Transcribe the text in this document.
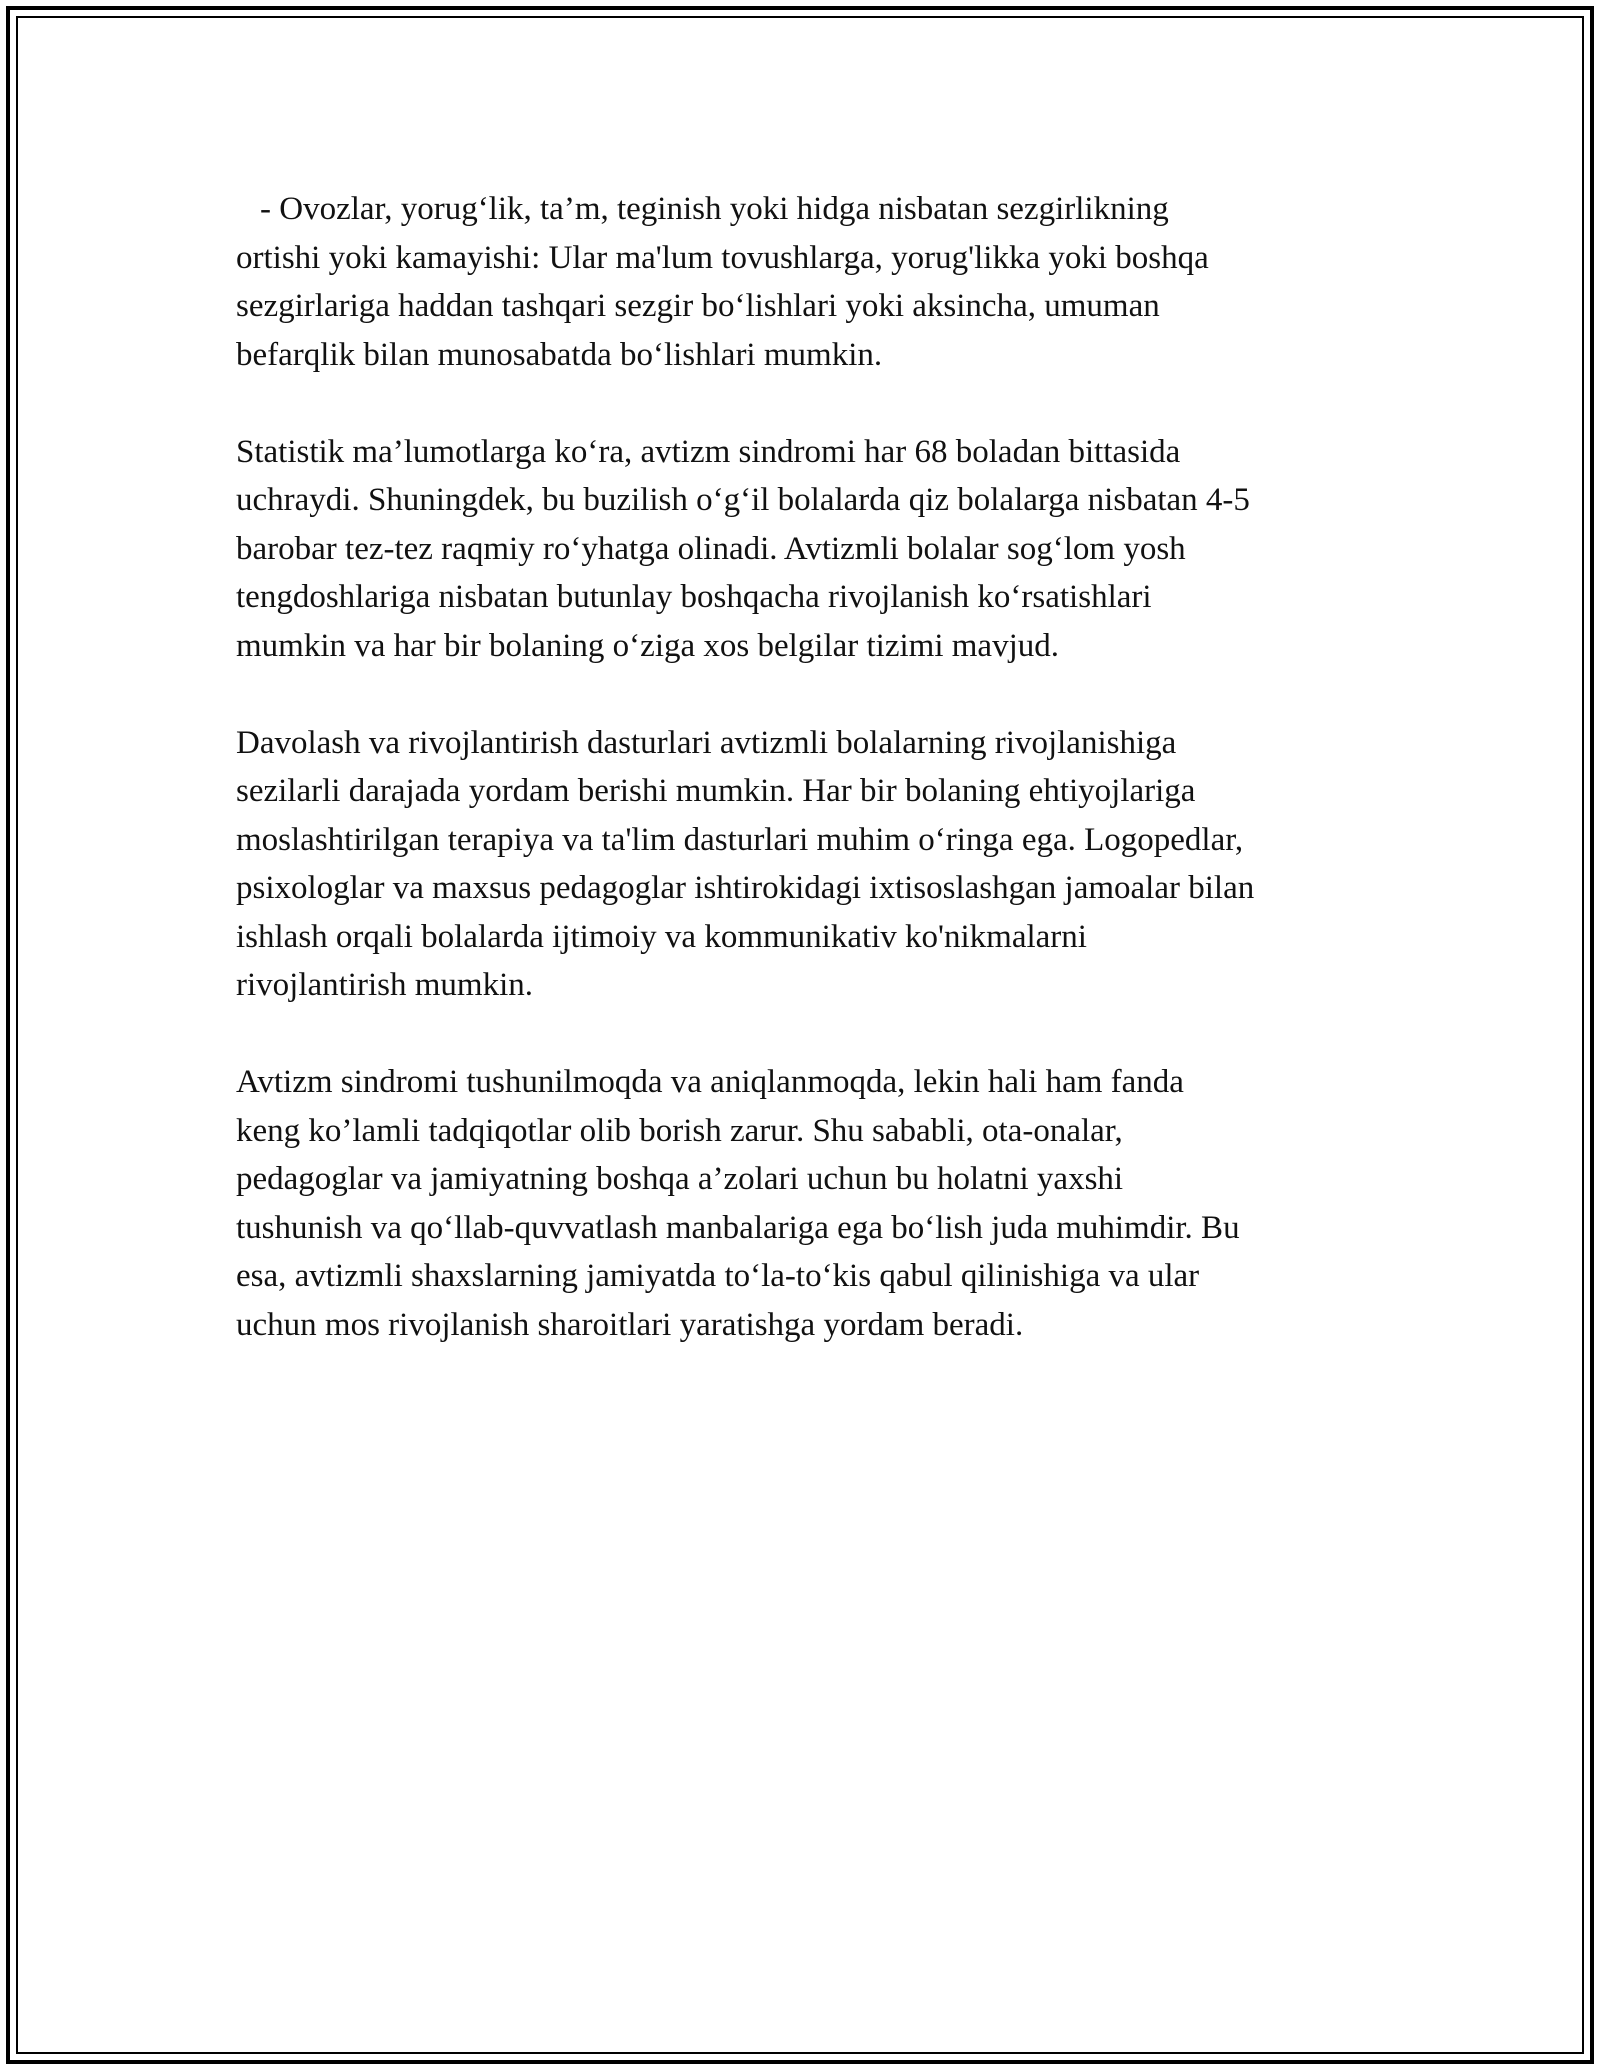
- Ovozlar, yorug‘lik, ta’m, teginish yoki hidga nisbatan sezgirlikning
ortishi yoki kamayishi: Ular ma'lum tovushlarga, yorug'likka yoki boshqa
sezgirlariga haddan tashqari sezgir bo‘lishlari yoki aksincha, umuman
befarqlik bilan munosabatda bo‘lishlari mumkin.

Statistik ma’lumotlarga ko‘ra, avtizm sindromi har 68 boladan bittasida
uchraydi. Shuningdek, bu buzilish o‘g‘il bolalarda qiz bolalarga nisbatan 4-5
barobar tez-tez raqmiy ro‘yhatga olinadi. Avtizmli bolalar sog‘lom yosh
tengdoshlariga nisbatan butunlay boshqacha rivojlanish ko‘rsatishlari
mumkin va har bir bolaning o‘ziga xos belgilar tizimi mavjud.

Davolash va rivojlantirish dasturlari avtizmli bolalarning rivojlanishiga
sezilarli darajada yordam berishi mumkin. Har bir bolaning ehtiyojlariga
moslashtirilgan terapiya va ta'lim dasturlari muhim o‘ringa ega. Logopedlar,
psixologlar va maxsus pedagoglar ishtirokidagi ixtisoslashgan jamoalar bilan
ishlash orqali bolalarda ijtimoiy va kommunikativ ko'nikmalarni
rivojlantirish mumkin.

Avtizm sindromi tushunilmoqda va aniqlanmoqda, lekin hali ham fanda
keng ko’lamli tadqiqotlar olib borish zarur. Shu sababli, ota-onalar,
pedagoglar va jamiyatning boshqa a’zolari uchun bu holatni yaxshi
tushunish va qo‘llab-quvvatlash manbalariga ega bo‘lish juda muhimdir. Bu
esa, avtizmli shaxslarning jamiyatda to‘la-to‘kis qabul qilinishiga va ular
uchun mos rivojlanish sharoitlari yaratishga yordam beradi.
